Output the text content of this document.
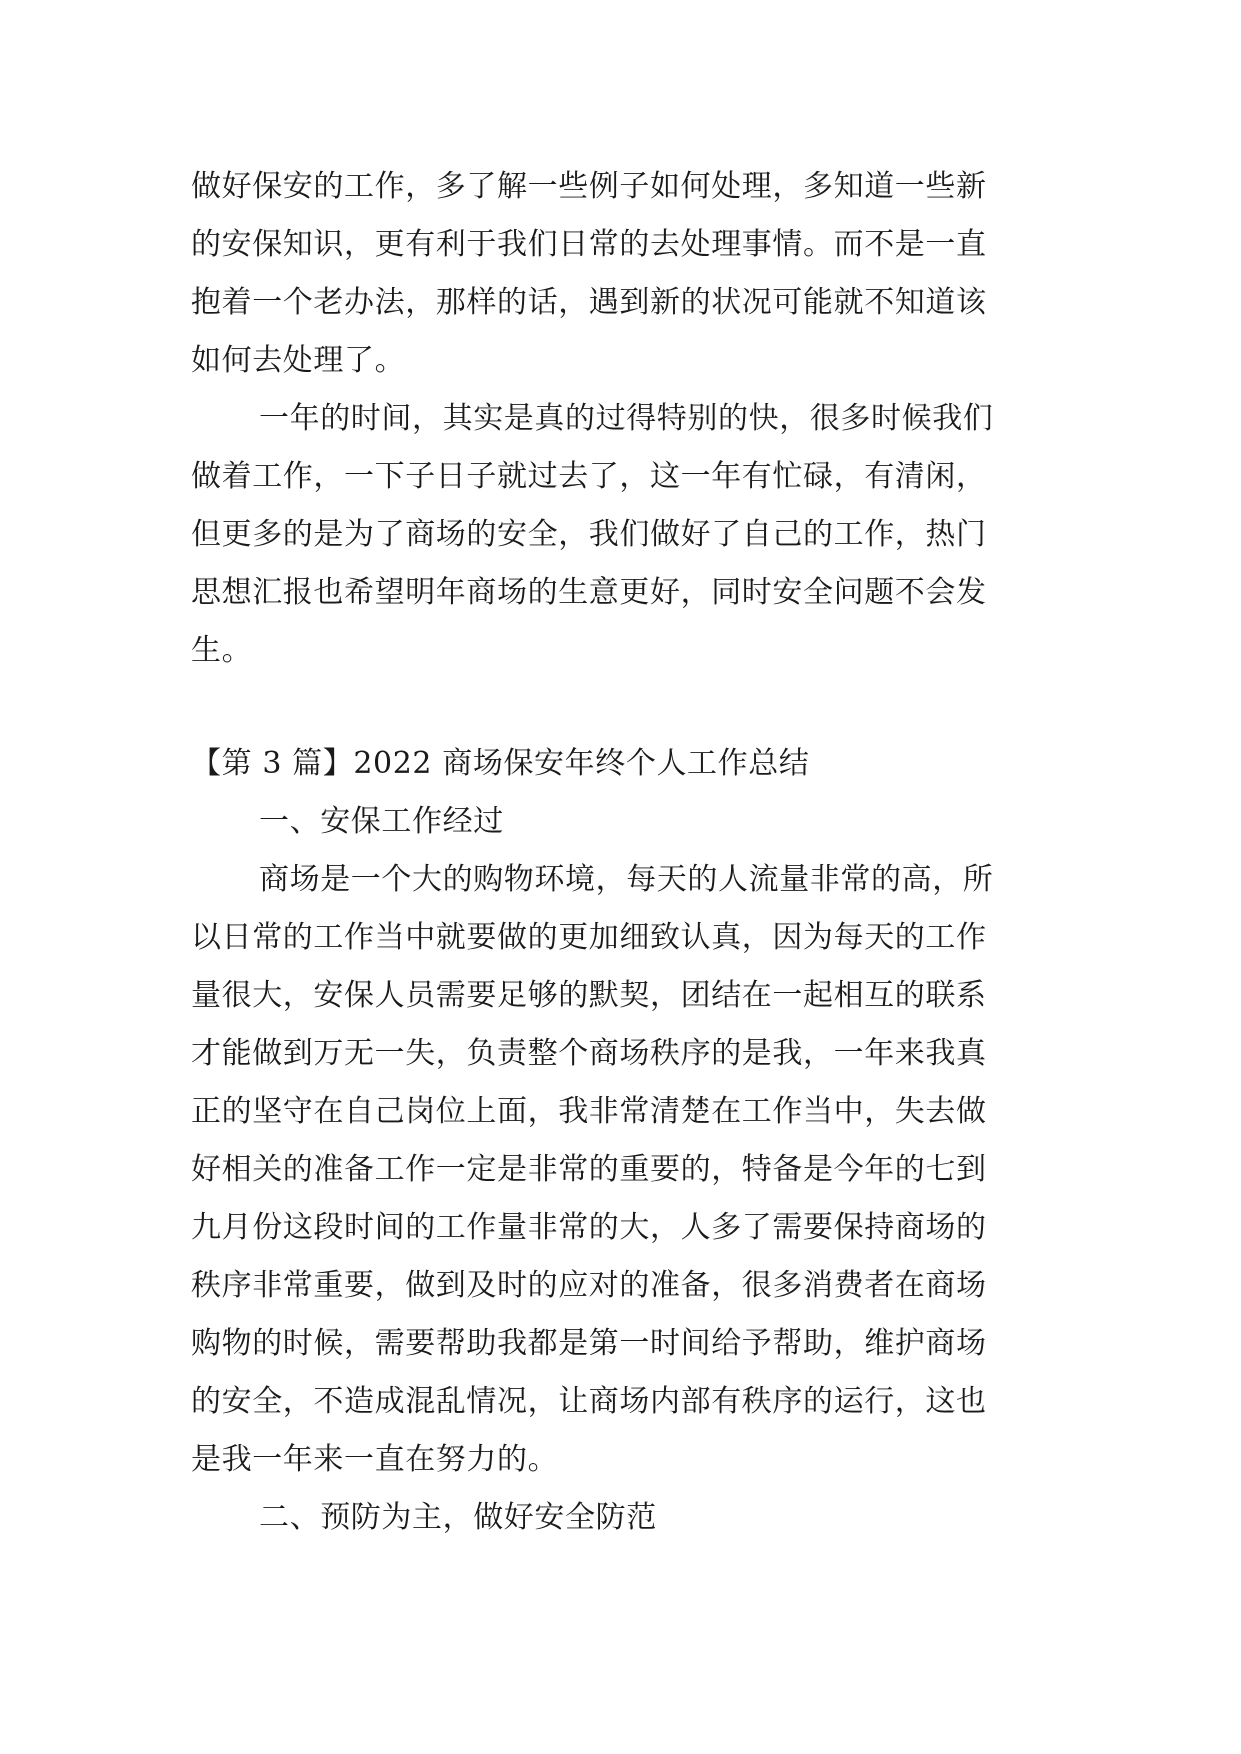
做好保安的工作，多了解一些例子如何处理，多知道一些新
的安保知识，更有利于我们日常的去处理事情。而不是一直
抱着一个老办法，那样的话，遇到新的状况可能就不知道该
如何去处理了。
一年的时间，其实是真的过得特别的快，很多时候我们
做着工作，一下子日子就过去了，这一年有忙碌，有清闲，
但更多的是为了商场的安全，我们做好了自己的工作，热门
思想汇报也希望明年商场的生意更好，同时安全问题不会发
生。
【第 3 篇】2022 商场保安年终个人工作总结
一、安保工作经过
商场是一个大的购物环境，每天的人流量非常的高，所
以日常的工作当中就要做的更加细致认真，因为每天的工作
量很大，安保人员需要足够的默契，团结在一起相互的联系
才能做到万无一失，负责整个商场秩序的是我，一年来我真
正的坚守在自己岗位上面，我非常清楚在工作当中，失去做
好相关的准备工作一定是非常的重要的，特备是今年的七到
九月份这段时间的工作量非常的大，人多了需要保持商场的
秩序非常重要，做到及时的应对的准备，很多消费者在商场
购物的时候，需要帮助我都是第一时间给予帮助，维护商场
的安全，不造成混乱情况，让商场内部有秩序的运行，这也
是我一年来一直在努力的。
二、预防为主，做好安全防范
